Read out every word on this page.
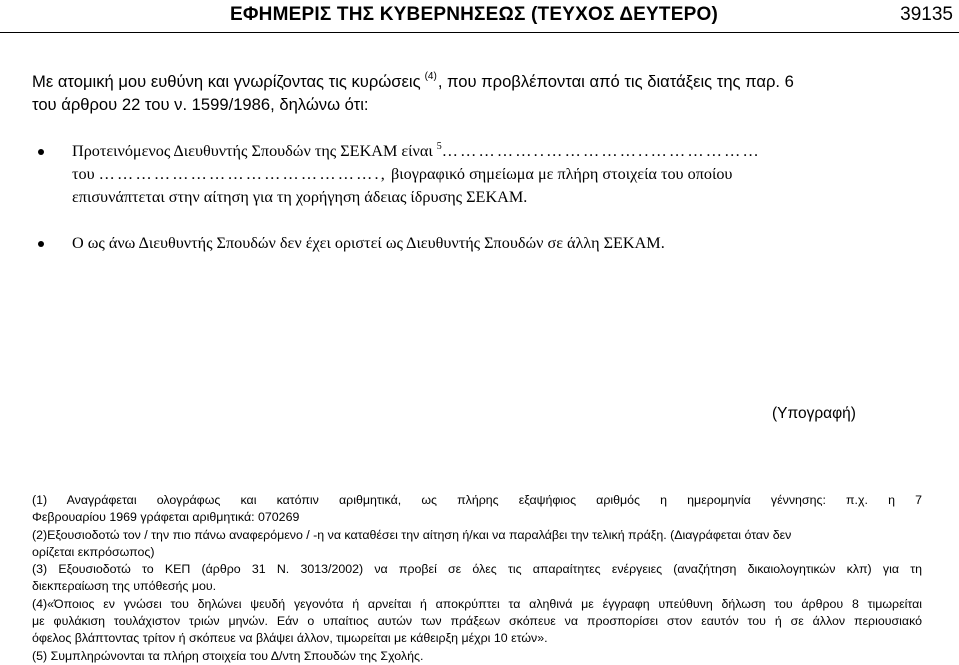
ΕΦΗΜΕΡΙΣ ΤΗΣ ΚΥΒΕΡΝΗΣΕΩΣ (ΤΕΥΧΟΣ ΔΕΥΤΕΡΟ)	39135
Με ατομική μου ευθύνη και γνωρίζοντας τις κυρώσεις $^{(4)}$, που προβλέπονται από τις διατάξεις της παρ. 6
του άρθρου 22 του ν. 1599/1986, δηλώνω ότι:
Προτεινόμενος Διευθυντής Σπουδών της ΣΕΚΑΜ είναι $^5$……………..……………..………………
του ………………………………………., βιογραφικό σημείωμα με πλήρη στοιχεία του οποίου
επισυνάπτεται στην αίτηση για τη χορήγηση άδειας ίδρυσης ΣΕΚΑΜ.
Ο ως άνω Διευθυντής Σπουδών δεν έχει οριστεί ως Διευθυντής Σπουδών σε άλλη ΣΕΚΑΜ.
(Υπογραφή)

(1) Αναγράφεται ολογράφως και κατόπιν αριθμητικά, ως πλήρης εξαψήφιος αριθμός η ημερομηνία γέννησης: π.χ. η 7

Φεβρουαρίου 1969 γράφεται αριθμητικά: 070269

(2)Εξουσιοδοτώ τον / την πιο πάνω αναφερόμενο / -η να καταθέσει την αίτηση ή/και να παραλάβει την τελική πράξη. (Διαγράφεται όταν δεν

ορίζεται εκπρόσωπος)

(3) Εξουσιοδοτώ το ΚΕΠ (άρθρο 31 Ν. 3013/2002) να προβεί σε όλες τις απαραίτητες ενέργειες (αναζήτηση δικαιολογητικών κλπ) για τη

διεκπεραίωση της υπόθεσής μου.

(4)«Όποιος εν γνώσει του δηλώνει ψευδή γεγονότα ή αρνείται ή αποκρύπτει τα αληθινά με έγγραφη υπεύθυνη δήλωση του άρθρου 8 τιμωρείται

με φυλάκιση τουλάχιστον τριών μηνών. Εάν ο υπαίτιος αυτών των πράξεων σκόπευε να προσπορίσει στον εαυτόν του ή σε άλλον περιουσιακό

όφελος βλάπτοντας τρίτον ή σκόπευε να βλάψει άλλον, τιμωρείται με κάθειρξη μέχρι 10 ετών».

(5) Συμπληρώνονται τα πλήρη στοιχεία του Δ/ντη Σπουδών της Σχολής.
